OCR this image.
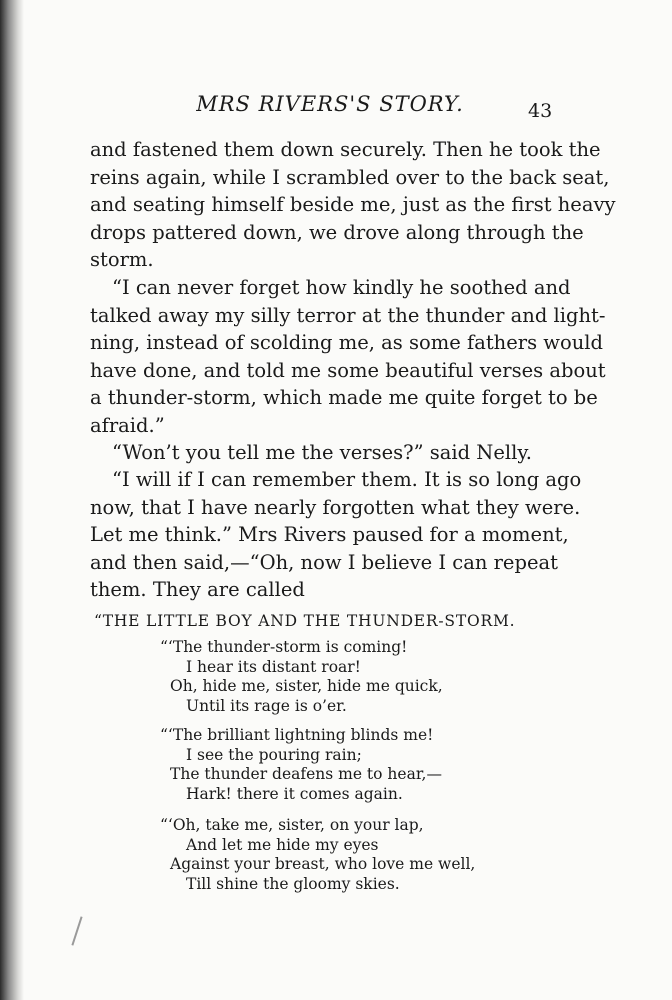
MRS RIVERS'S STORY.	43
and fastened them down securely. Then he took the
reins again, while I scrambled over to the back seat,
and seating himself beside me, just as the first heavy
drops pattered down, we drove along through the
storm.
“I can never forget how kindly he soothed and
talked away my silly terror at the thunder and light-
ning, instead of scolding me, as some fathers would
have done, and told me some beautiful verses about
a thunder-storm, which made me quite forget to be
afraid.”
“Won’t you tell me the verses?” said Nelly.
“I will if I can remember them. It is so long ago
now, that I have nearly forgotten what they were.
Let me think.” Mrs Rivers paused for a moment,
and then said,—“Oh, now I believe I can repeat
them. They are called
“THE LITTLE BOY AND THE THUNDER-STORM.
“‘The thunder-storm is coming!
I hear its distant roar!
Oh, hide me, sister, hide me quick,
Until its rage is o’er.
“‘The brilliant lightning blinds me!
I see the pouring rain;
The thunder deafens me to hear,—
Hark! there it comes again.
“‘Oh, take me, sister, on your lap,
And let me hide my eyes
Against your breast, who love me well,
Till shine the gloomy skies.
